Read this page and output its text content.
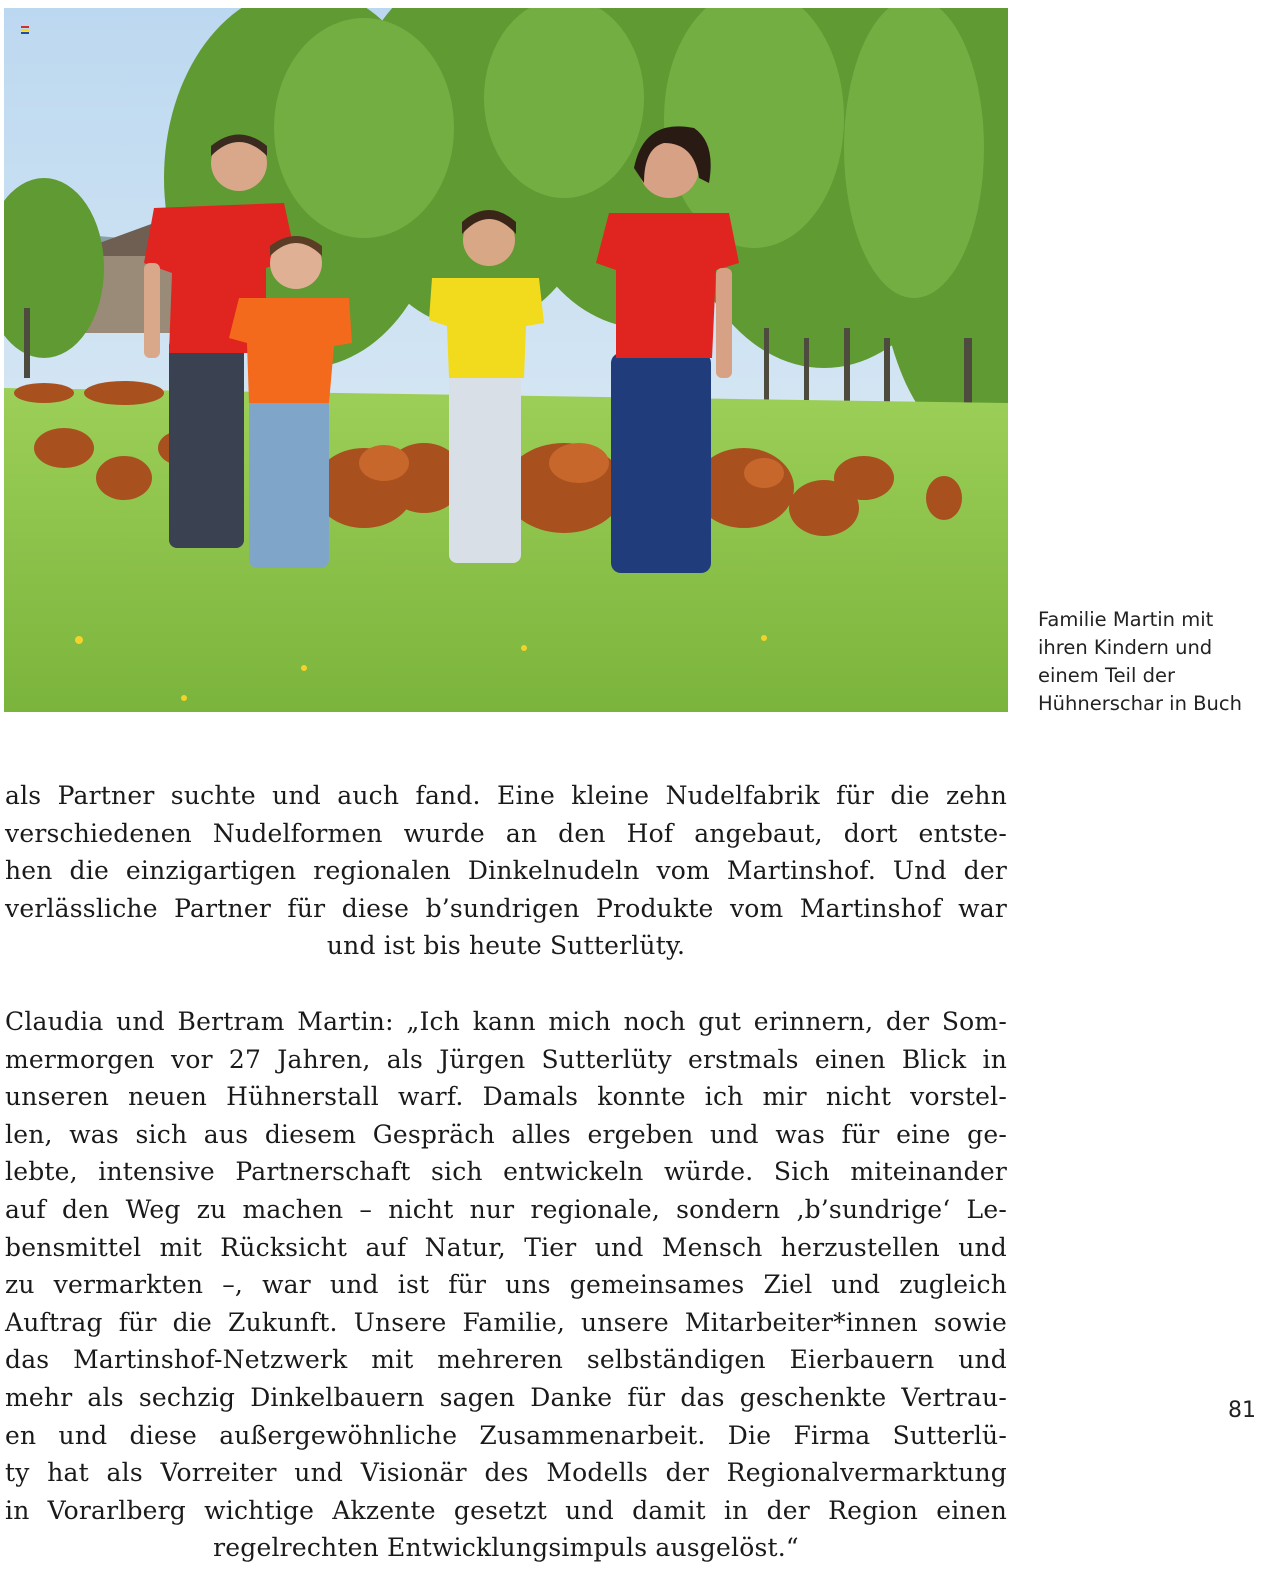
Familie Martin mit
ihren Kindern und
einem Teil der
Hühnerschar in Buch
als Partner suchte und auch fand. Eine kleine Nudelfabrik für die zehn
verschiedenen Nudelformen wurde an den Hof angebaut, dort entste-
hen die einzigartigen regionalen Dinkelnudeln vom Martinshof. Und der
verlässliche Partner für diese b’sundrigen Produkte vom Martinshof war
und ist bis heute Sutterlüty.
Claudia und Bertram Martin: „Ich kann mich noch gut erinnern, der Som-
mermorgen vor 27 Jahren, als Jürgen Sutterlüty erstmals einen Blick in
unseren neuen Hühnerstall warf. Damals konnte ich mir nicht vorstel-
len, was sich aus diesem Gespräch alles ergeben und was für eine ge-
lebte, intensive Partnerschaft sich entwickeln würde. Sich miteinander
auf den Weg zu machen – nicht nur regionale, sondern ‚b’sundrige‘ Le-
bensmittel mit Rücksicht auf Natur, Tier und Mensch herzustellen und
zu vermarkten –, war und ist für uns gemeinsames Ziel und zugleich
Auftrag für die Zukunft. Unsere Familie, unsere Mitarbeiter*innen sowie
das Martinshof-Netzwerk mit mehreren selbständigen Eierbauern und
mehr als sechzig Dinkelbauern sagen Danke für das geschenkte Vertrau-
en und diese außergewöhnliche Zusammenarbeit. Die Firma Sutterlü-
ty hat als Vorreiter und Visionär des Modells der Regionalvermarktung
in Vorarlberg wichtige Akzente gesetzt und damit in der Region einen
regelrechten Entwicklungsimpuls ausgelöst.“
81
